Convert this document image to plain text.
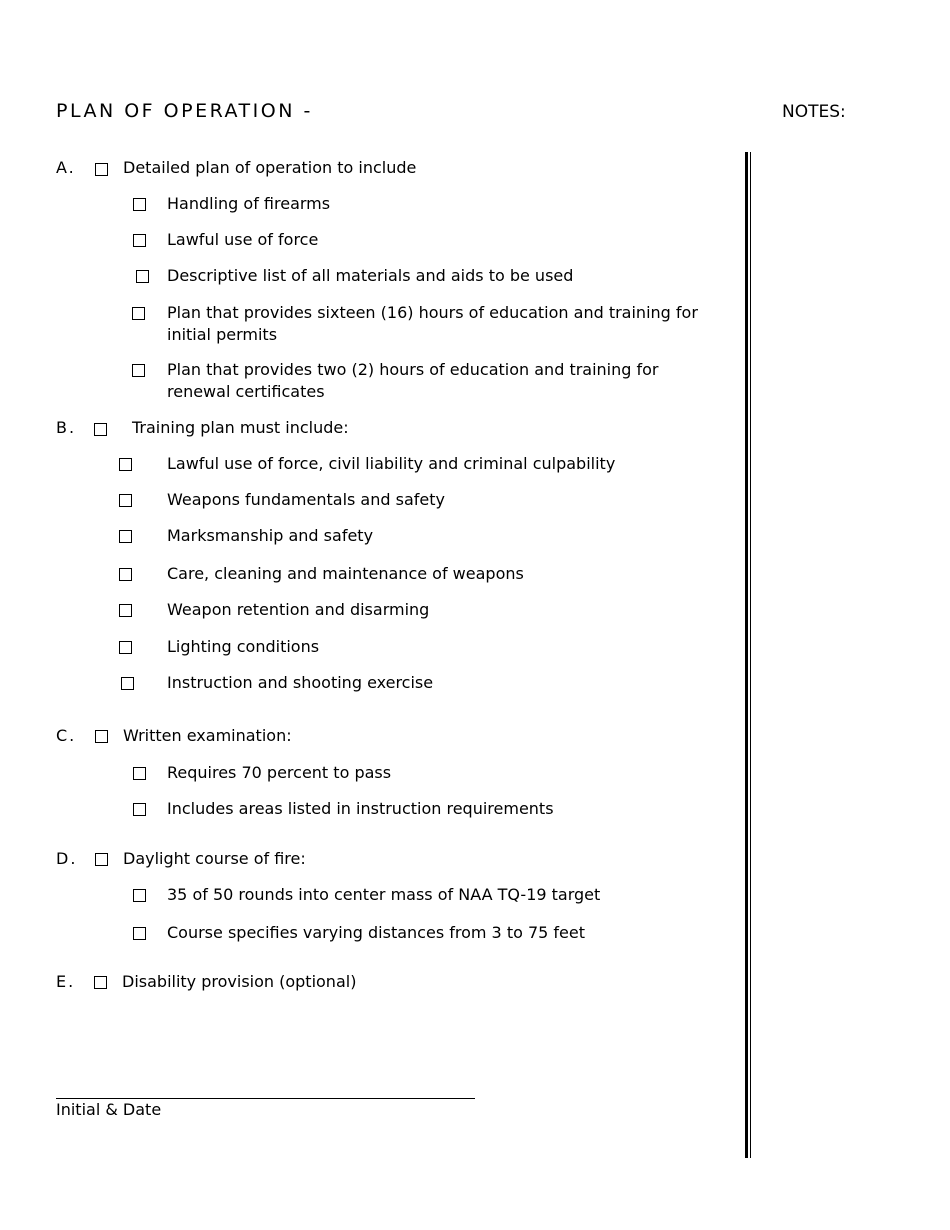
PLAN OF OPERATION -	NOTES:
A.	Detailed plan of operation to include
Handling of firearms
Lawful use of force
Descriptive list of all materials and aids to be used
Plan that provides sixteen (16) hours of education and training for
initial permits
Plan that provides two (2) hours of education and training for
renewal certificates
B.	Training plan must include:
Lawful use of force, civil liability and criminal culpability
Weapons fundamentals and safety
Marksmanship and safety
Care, cleaning and maintenance of weapons
Weapon retention and disarming
Lighting conditions
Instruction and shooting exercise
C.	Written examination:
Requires 70 percent to pass
Includes areas listed in instruction requirements
D.	Daylight course of fire:
35 of 50 rounds into center mass of NAA TQ-19 target
Course specifies varying distances from 3 to 75 feet
E.	Disability provision (optional)
Initial & Date
